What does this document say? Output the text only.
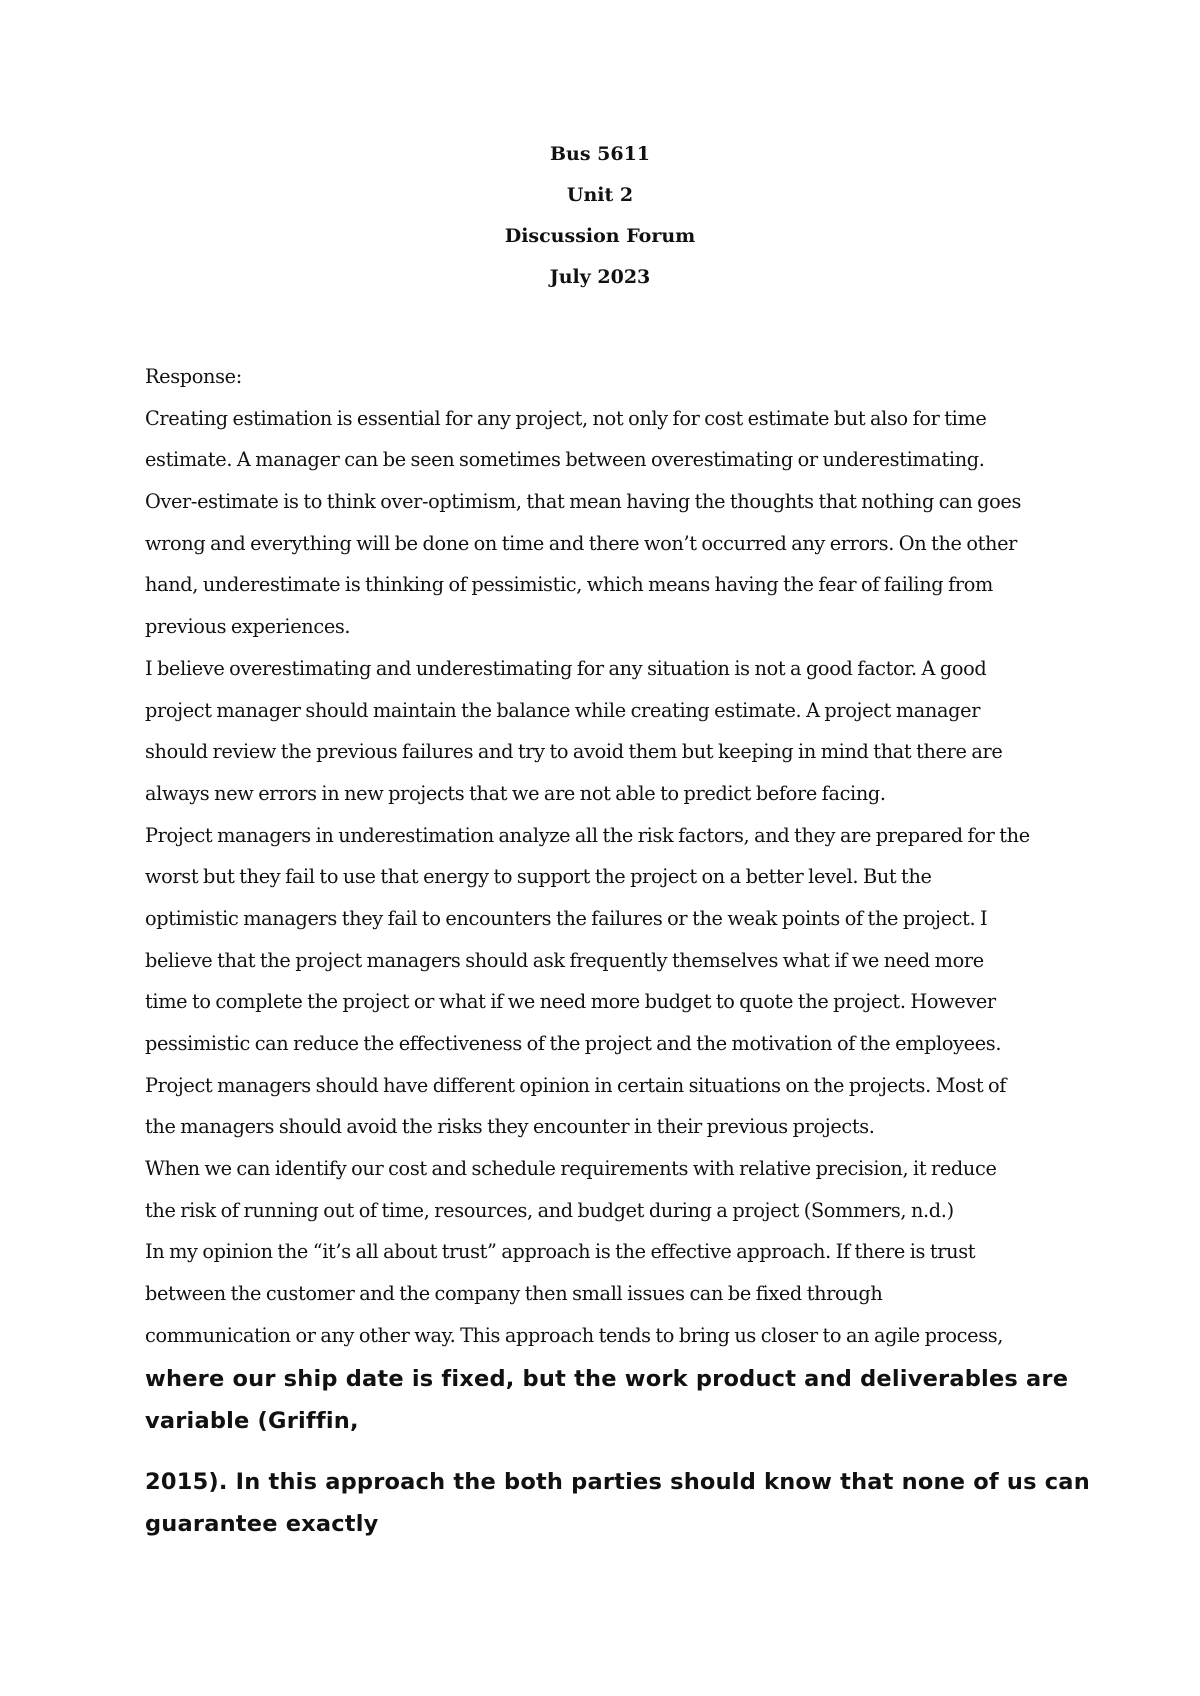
Bus 5611
Unit 2
Discussion Forum
July 2023
Response:
Creating estimation is essential for any project, not only for cost estimate but also for time
estimate. A manager can be seen sometimes between overestimating or underestimating.
Over-estimate is to think over-optimism, that mean having the thoughts that nothing can goes
wrong and everything will be done on time and there won’t occurred any errors. On the other
hand, underestimate is thinking of pessimistic, which means having the fear of failing from
previous experiences.
I believe overestimating and underestimating for any situation is not a good factor. A good
project manager should maintain the balance while creating estimate. A project manager
should review the previous failures and try to avoid them but keeping in mind that there are
always new errors in new projects that we are not able to predict before facing.
Project managers in underestimation analyze all the risk factors, and they are prepared for the
worst but they fail to use that energy to support the project on a better level. But the
optimistic managers they fail to encounters the failures or the weak points of the project. I
believe that the project managers should ask frequently themselves what if we need more
time to complete the project or what if we need more budget to quote the project. However
pessimistic can reduce the effectiveness of the project and the motivation of the employees.
Project managers should have different opinion in certain situations on the projects. Most of
the managers should avoid the risks they encounter in their previous projects.
When we can identify our cost and schedule requirements with relative precision, it reduce
the risk of running out of time, resources, and budget during a project (Sommers, n.d.)
In my opinion the “it’s all about trust” approach is the effective approach. If there is trust
between the customer and the company then small issues can be fixed through
communication or any other way. This approach tends to bring us closer to an agile process,
where our ship date is fixed, but the work product and deliverables are
variable (Griffin,
2015). In this approach the both parties should know that none of us can
guarantee exactly
